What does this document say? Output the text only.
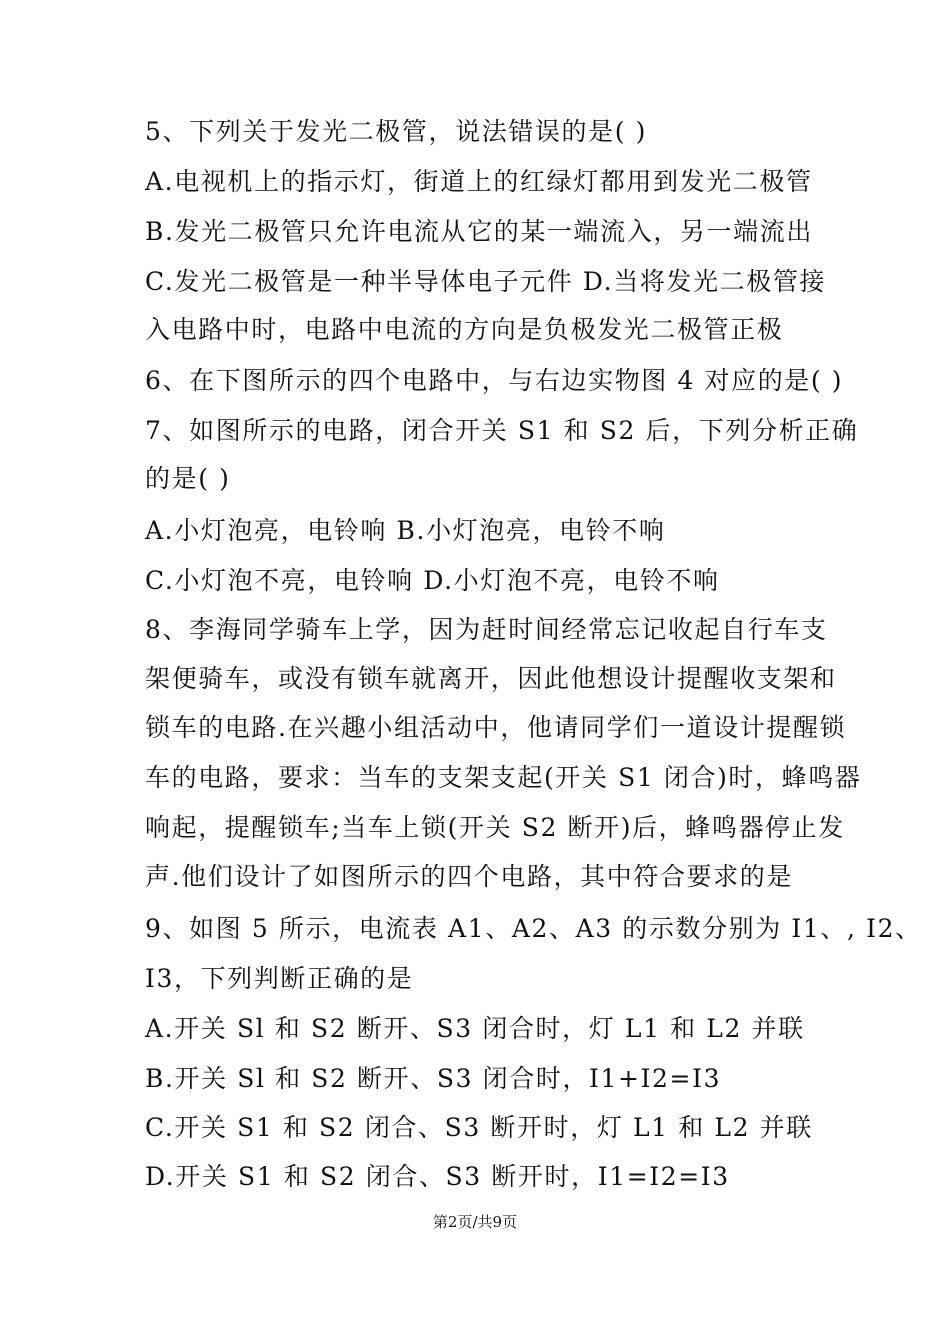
5、下列关于发光二极管，说法错误的是( )
A.电视机上的指示灯，街道上的红绿灯都用到发光二极管
B.发光二极管只允许电流从它的某一端流入，另一端流出
C.发光二极管是一种半导体电子元件 D.当将发光二极管接
入电路中时，电路中电流的方向是负极发光二极管正极
6、在下图所示的四个电路中，与右边实物图 4 对应的是( )
7、如图所示的电路，闭合开关 S1 和 S2 后，下列分析正确
的是( )
A.小灯泡亮，电铃响 B.小灯泡亮，电铃不响
C.小灯泡不亮，电铃响 D.小灯泡不亮，电铃不响
8、李海同学骑车上学，因为赶时间经常忘记收起自行车支
架便骑车，或没有锁车就离开，因此他想设计提醒收支架和
锁车的电路.在兴趣小组活动中，他请同学们一道设计提醒锁
车的电路，要求：当车的支架支起(开关 S1 闭合)时，蜂鸣器
响起，提醒锁车;当车上锁(开关 S2 断开)后，蜂鸣器停止发
声.他们设计了如图所示的四个电路，其中符合要求的是
9、如图 5 所示，电流表 A1、A2、A3 的示数分别为 I1、, I2、
I3，下列判断正确的是
A.开关 Sl 和 S2 断开、S3 闭合时，灯 L1 和 L2 并联
B.开关 Sl 和 S2 断开、S3 闭合时，I1+I2=I3
C.开关 S1 和 S2 闭合、S3 断开时，灯 L1 和 L2 并联
D.开关 S1 和 S2 闭合、S3 断开时，I1=I2=I3
第2页/共9页
